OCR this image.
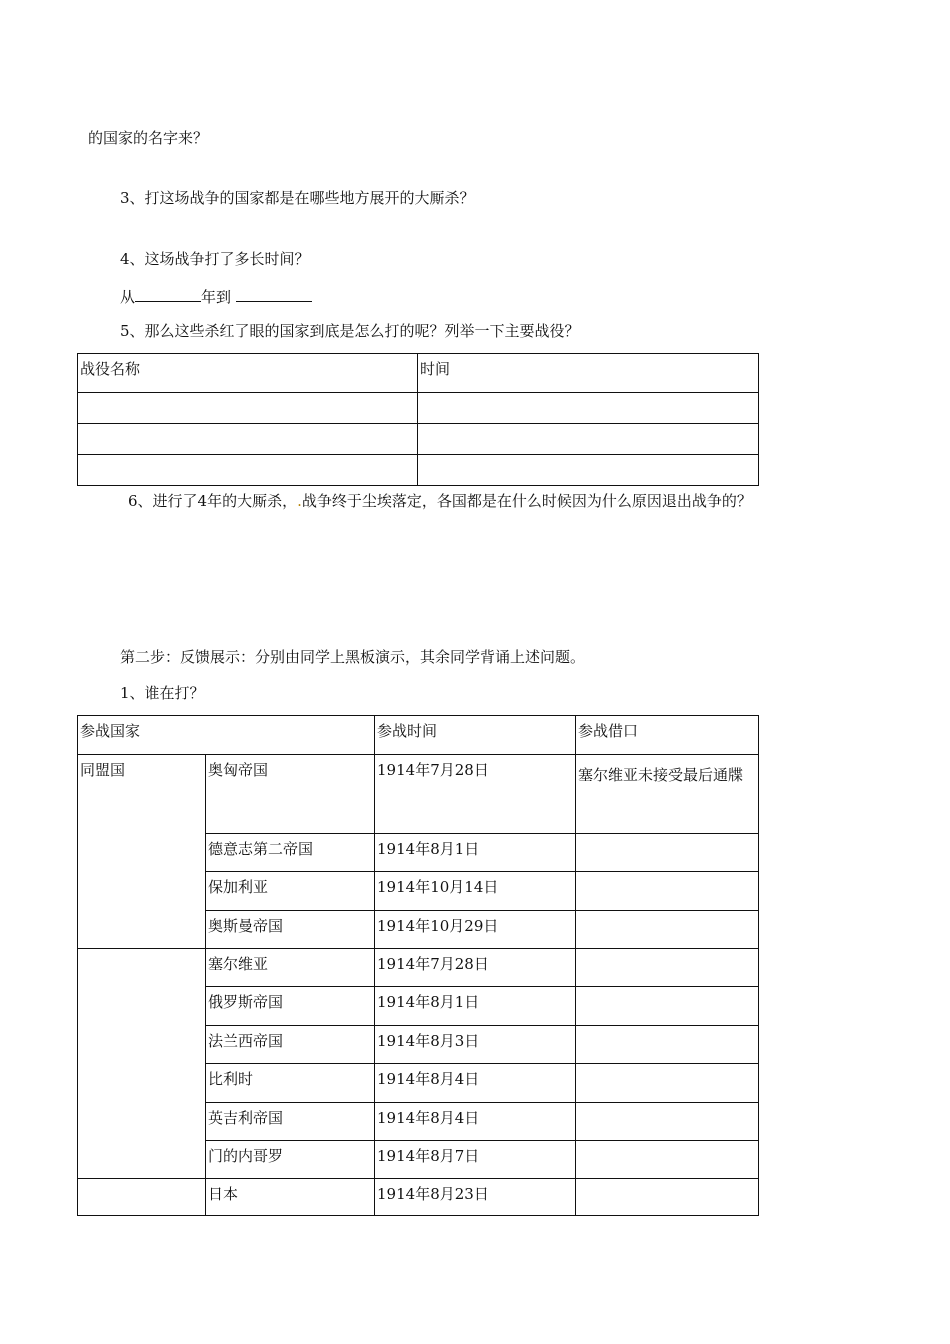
的国家的名字来？
3、打这场战争的国家都是在哪些地方展开的大厮杀？
4、这场战争打了多长时间？
从	年到
5、那么这些杀红了眼的国家到底是怎么打的呢？列举一下主要战役？
战役名称	时间

6、进行了4年的大厮杀，.战争终于尘埃落定，各国都是在什么时候因为什么原因退出战争的？
第二步：反馈展示：分别由同学上黑板演示，其余同学背诵上述问题。
1、谁在打？
参战国家		参战时间	参战借口
同盟国	奥匈帝国	1914年7月28日	塞尔维亚未接受最后通牒
	德意志第二帝国	1914年8月1日	
	保加利亚	1914年10月14日	
	奥斯曼帝国	1914年10月29日	
	塞尔维亚	1914年7月28日	
	俄罗斯帝国	1914年8月1日	
	法兰西帝国	1914年8月3日	
	比利时	1914年8月4日	
	英吉利帝国	1914年8月4日	
	门的内哥罗	1914年8月7日	
	日本	1914年8月23日	
